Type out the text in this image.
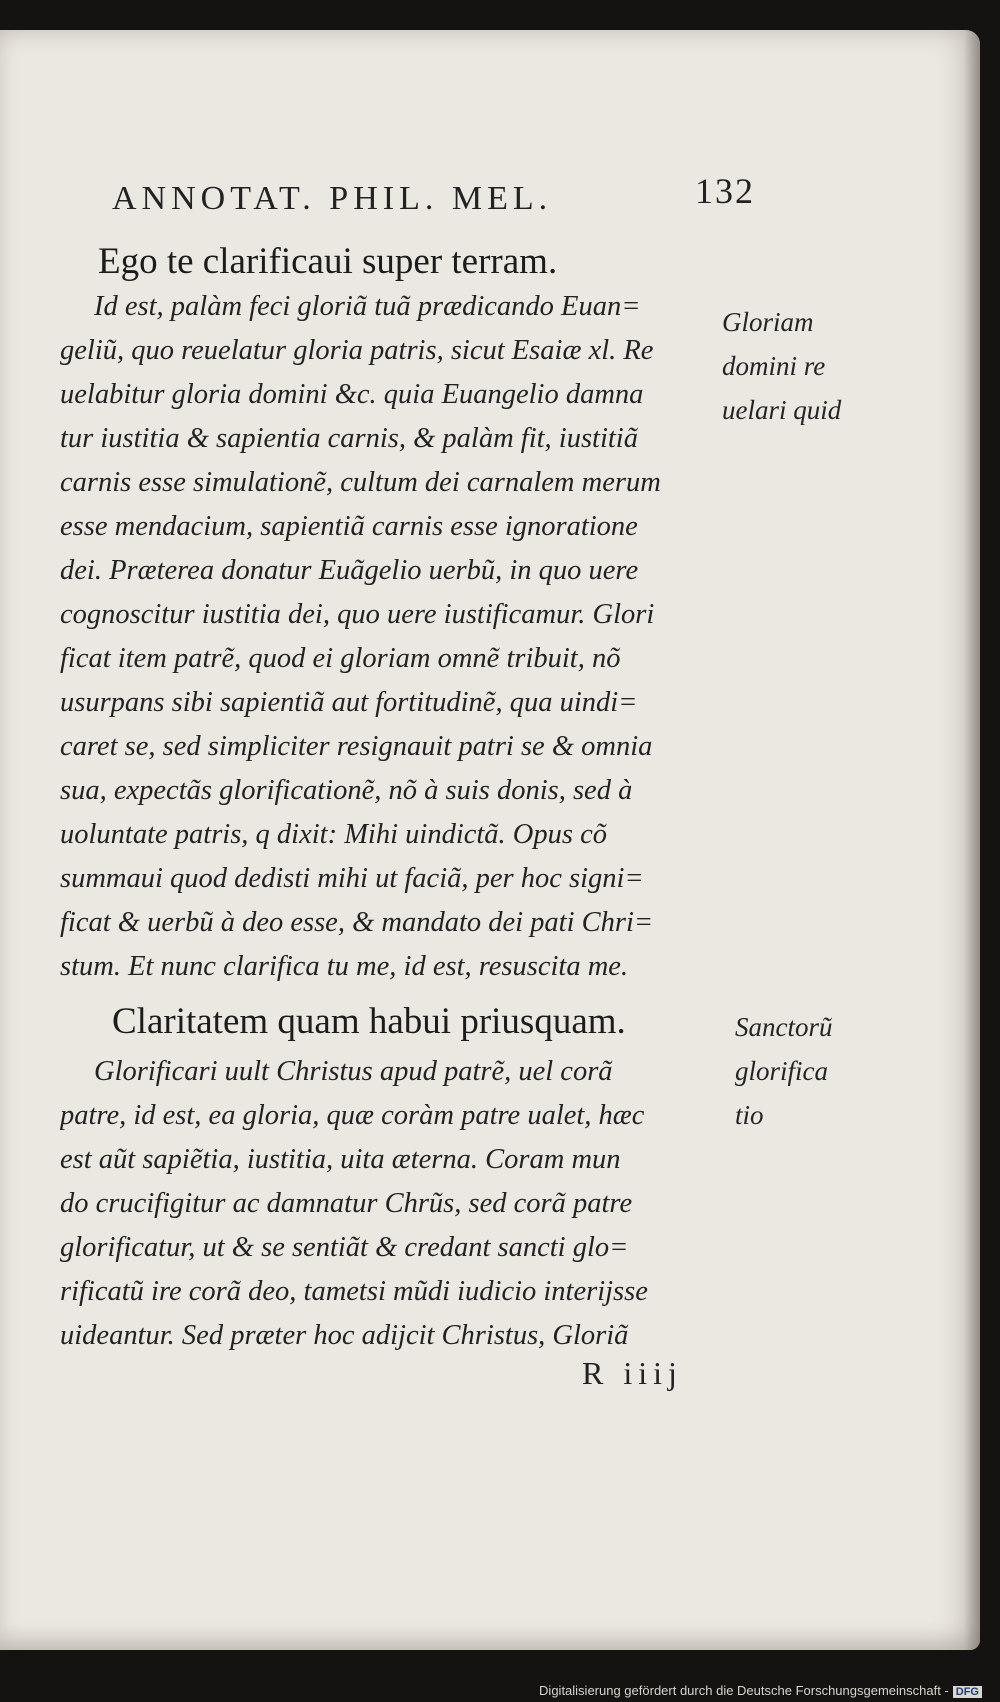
ANNOTAT. PHIL. MEL.	132
Ego te clarificaui super terram.
Id est, palàm feci gloriã tuã prædicando Euan=
geliũ, quo reuelatur gloria patris, sicut Esaiæ xl. Re
uelabitur gloria domini &c. quia Euangelio damna
tur iustitia & sapientia carnis, & palàm fit, iustitiã
carnis esse simulationẽ, cultum dei carnalem merum
esse mendacium, sapientiã carnis esse ignoratione
dei. Præterea donatur Euãgelio uerbũ, in quo uere
cognoscitur iustitia dei, quo uere iustificamur. Glori
ficat item patrẽ, quod ei gloriam omnẽ tribuit, nõ
usurpans sibi sapientiã aut fortitudinẽ, qua uindi=
caret se, sed simpliciter resignauit patri se & omnia
sua, expectãs glorificationẽ, nõ à suis donis, sed à
uoluntate patris, q dixit: Mihi uindictã. Opus cõ
summaui quod dedisti mihi ut faciã, per hoc signi=
ficat & uerbũ à deo esse, & mandato dei pati Chri=
stum. Et nunc clarifica tu me, id est, resuscita me.
Gloriam
domini re
uelari quid
Claritatem quam habui priusquam.
Glorificari uult Christus apud patrẽ, uel corã
patre, id est, ea gloria, quæ coràm patre ualet, hæc
est aũt sapiẽtia, iustitia, uita æterna. Coram mun
do crucifigitur ac damnatur Chrũs, sed corã patre
glorificatur, ut & se sentiãt & credant sancti glo=
rificatũ ire corã deo, tametsi mũdi iudicio interijsse
uideantur. Sed præter hoc adijcit Christus, Gloriã
Sanctorũ
glorifica
tio
R iiij
Digitalisierung gefördert durch die Deutsche Forschungsgemeinschaft - DFG
